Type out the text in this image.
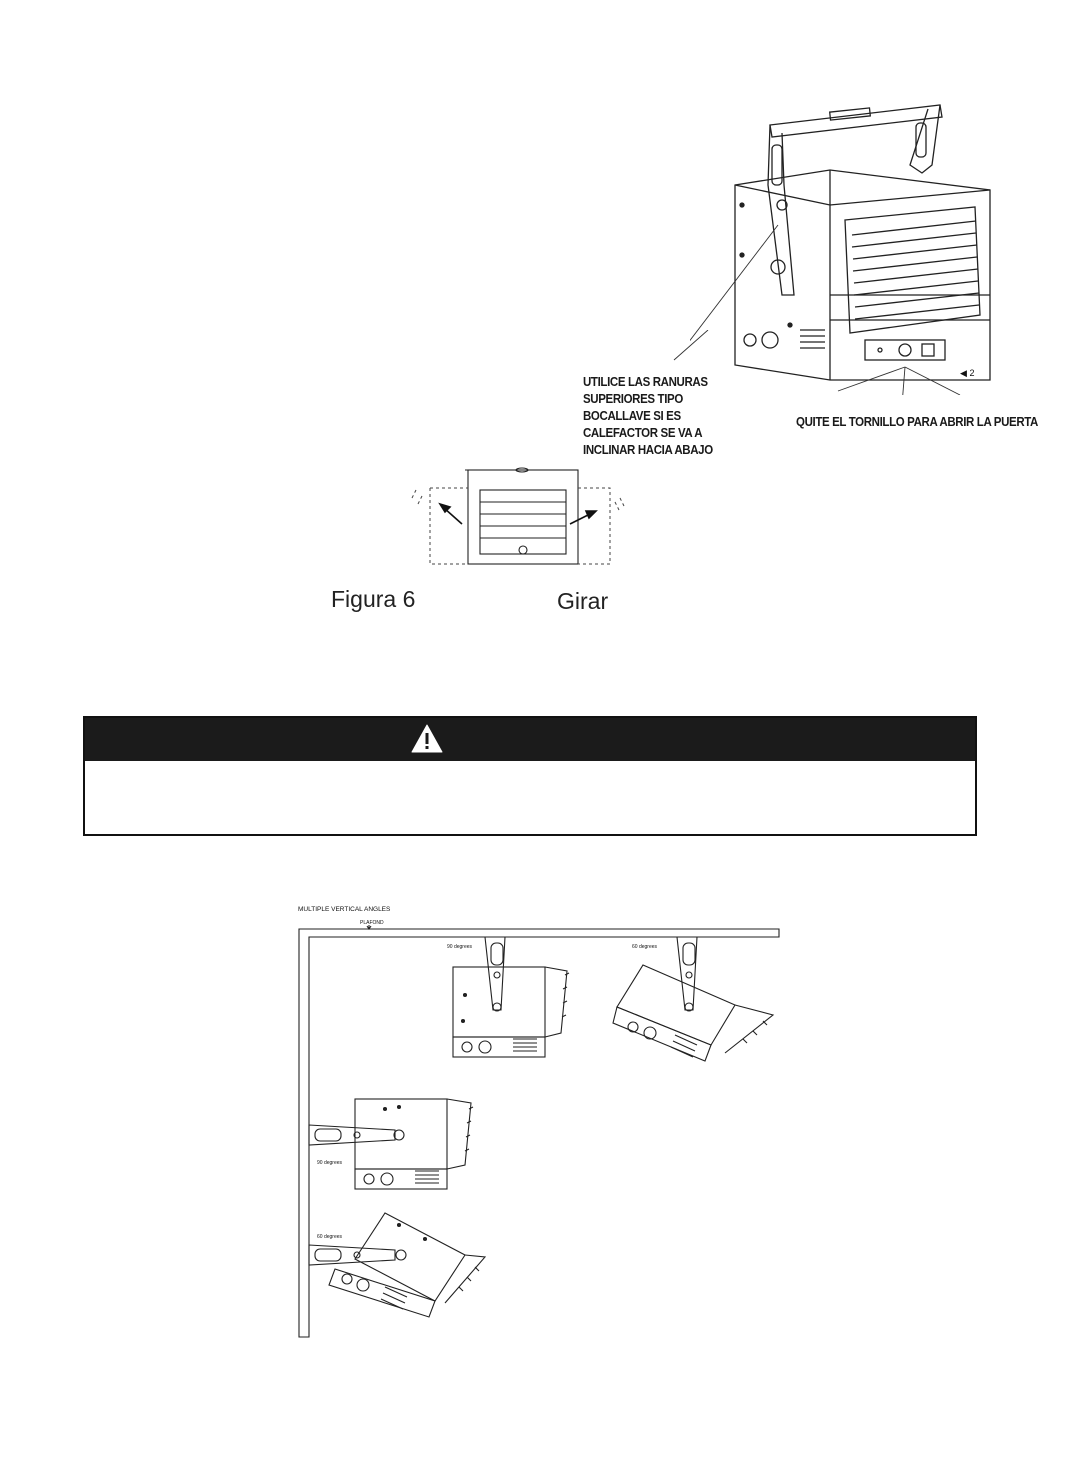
UTILICE LAS RANURAS
SUPERIORES TIPO
BOCALLAVE SI ES
CALEFACTOR SE VA A
INCLINAR HACIA ABAJO
QUITE EL TORNILLO PARA ABRIR LA PUERTA
◀ 2
Figura 6	Girar
MULTIPLE VERTICAL ANGLES
PLAFOND
90 degrees	60 degrees
90 degrees
60 degrees
